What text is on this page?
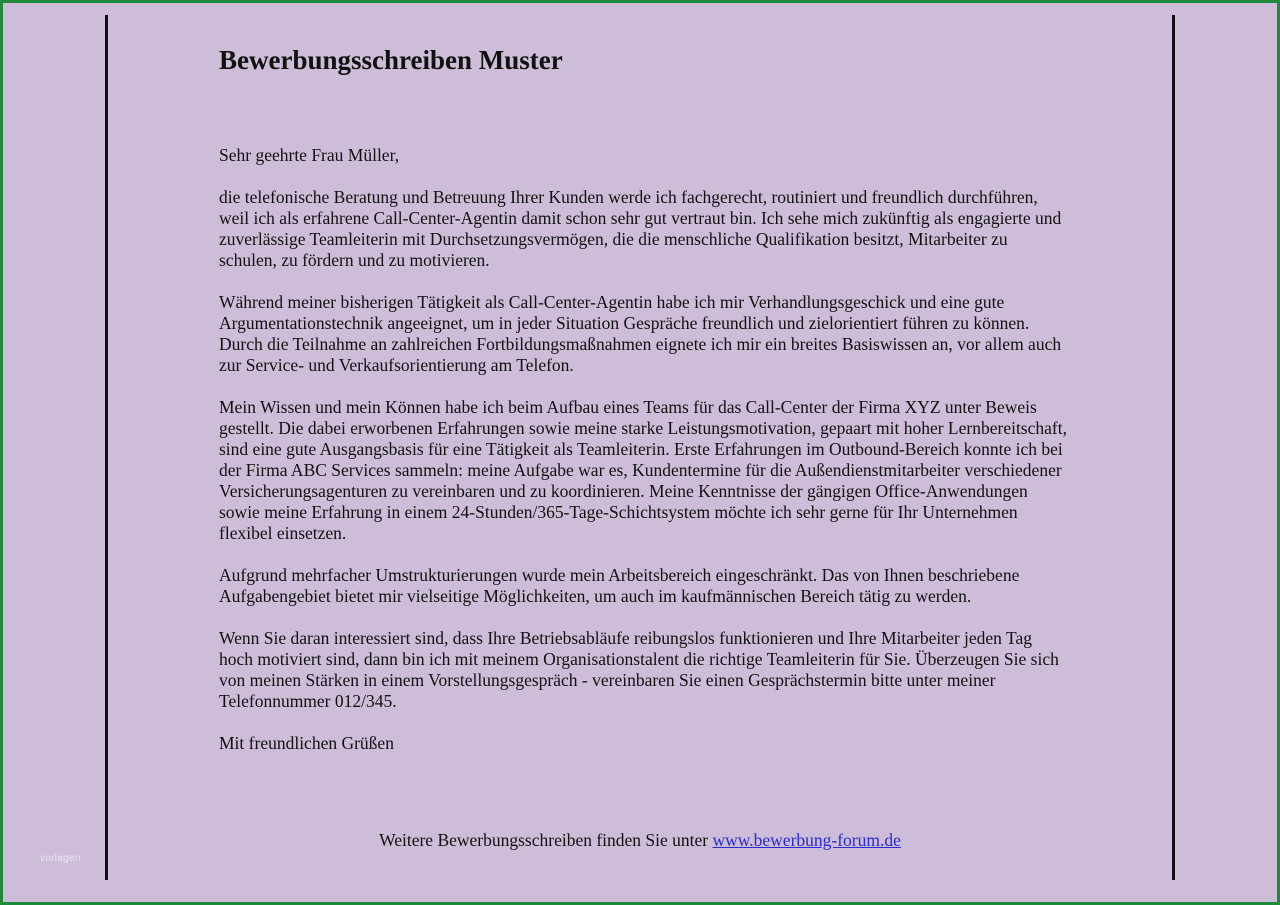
Bewerbungsschreiben Muster

Sehr geehrte Frau Müller,

die telefonische Beratung und Betreuung Ihrer Kunden werde ich fachgerecht, routiniert und freundlich durchführen, weil ich als erfahrene Call-Center-Agentin damit schon sehr gut vertraut bin. Ich sehe mich zukünftig als engagierte und zuverlässige Teamleiterin mit Durchsetzungsvermögen, die die menschliche Qualifikation besitzt, Mitarbeiter zu schulen, zu fördern und zu motivieren.

Während meiner bisherigen Tätigkeit als Call-Center-Agentin habe ich mir Verhandlungsgeschick und eine gute Argumentationstechnik angeeignet, um in jeder Situation Gespräche freundlich und zielorientiert führen zu können. Durch die Teilnahme an zahlreichen Fortbildungsmaßnahmen eignete ich mir ein breites Basiswissen an, vor allem auch zur Service- und Verkaufsorientierung am Telefon.

Mein Wissen und mein Können habe ich beim Aufbau eines Teams für das Call-Center der Firma XYZ unter Beweis gestellt. Die dabei erworbenen Erfahrungen sowie meine starke Leistungsmotivation, gepaart mit hoher Lernbereitschaft, sind eine gute Ausgangsbasis für eine Tätigkeit als Teamleiterin. Erste Erfahrungen im Outbound-Bereich konnte ich bei der Firma ABC Services sammeln: meine Aufgabe war es, Kundentermine für die Außendienstmitarbeiter verschiedener Versicherungsagenturen zu vereinbaren und zu koordinieren. Meine Kenntnisse der gängigen Office-Anwendungen sowie meine Erfahrung in einem 24-Stunden/365-Tage-Schichtsystem möchte ich sehr gerne für Ihr Unternehmen flexibel einsetzen.

Aufgrund mehrfacher Umstrukturierungen wurde mein Arbeitsbereich eingeschränkt. Das von Ihnen beschriebene Aufgabengebiet bietet mir vielseitige Möglichkeiten, um auch im kaufmännischen Bereich tätig zu werden.

Wenn Sie daran interessiert sind, dass Ihre Betriebsabläufe reibungslos funktionieren und Ihre Mitarbeiter jeden Tag hoch motiviert sind, dann bin ich mit meinem Organisationstalent die richtige Teamleiterin für Sie. Überzeugen Sie sich von meinen Stärken in einem Vorstellungsgespräch - vereinbaren Sie einen Gesprächstermin bitte unter meiner Telefonnummer 012/345.

Mit freundlichen Grüßen

Weitere Bewerbungsschreiben finden Sie unter www.bewerbung-forum.de
vorlagen
